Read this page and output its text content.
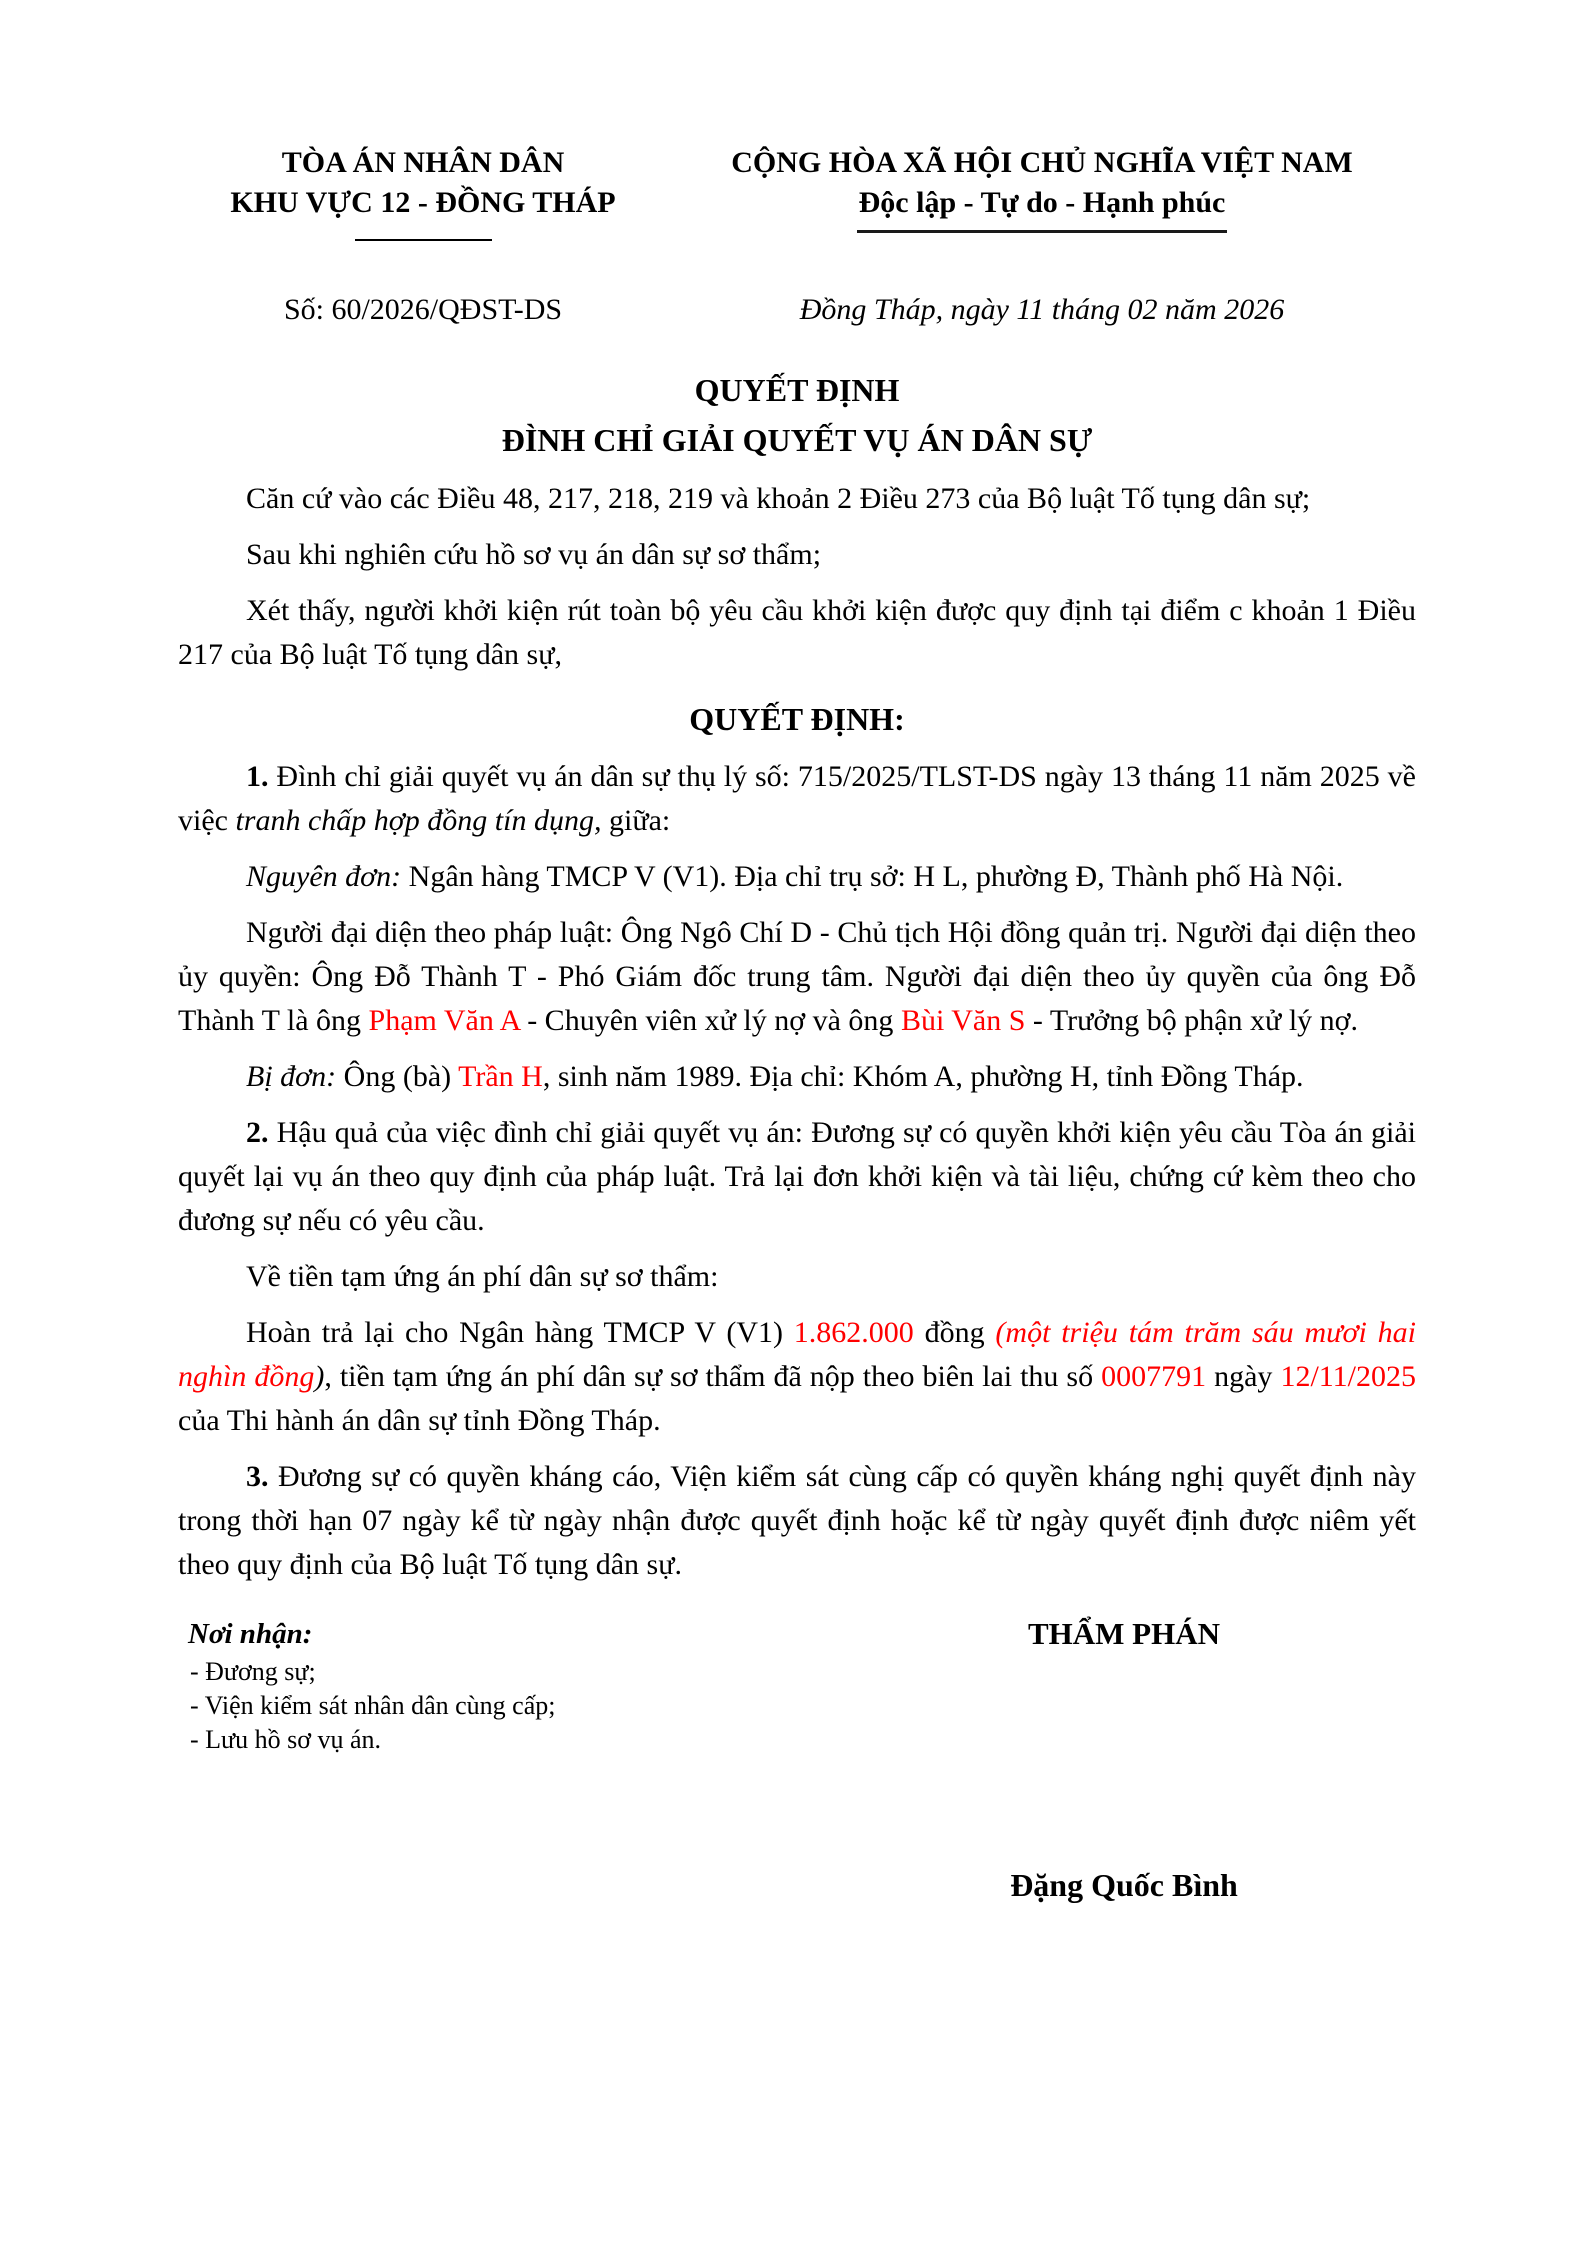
TÒA ÁN NHÂN DÂN
KHU VỰC 12 - ĐỒNG THÁP
CỘNG HÒA XÃ HỘI CHỦ NGHĨA VIỆT NAM
Độc lập - Tự do - Hạnh phúc
Số: 60/2026/QĐST-DS	Đồng Tháp, ngày 11 tháng 02 năm 2026
QUYẾT ĐỊNH
ĐÌNH CHỈ GIẢI QUYẾT VỤ ÁN DÂN SỰ

Căn cứ vào các Điều 48, 217, 218, 219 và khoản 2 Điều 273 của Bộ luật Tố tụng dân sự;

Sau khi nghiên cứu hồ sơ vụ án dân sự sơ thẩm;

Xét thấy, người khởi kiện rút toàn bộ yêu cầu khởi kiện được quy định tại điểm c khoản 1 Điều 217 của Bộ luật Tố tụng dân sự,

QUYẾT ĐỊNH:

1. Đình chỉ giải quyết vụ án dân sự thụ lý số: 715/2025/TLST-DS ngày 13 tháng 11 năm 2025 về việc tranh chấp hợp đồng tín dụng, giữa:

Nguyên đơn: Ngân hàng TMCP V (V1). Địa chỉ trụ sở: H L, phường Đ, Thành phố Hà Nội.

Người đại diện theo pháp luật: Ông Ngô Chí D - Chủ tịch Hội đồng quản trị. Người đại diện theo ủy quyền: Ông Đỗ Thành T - Phó Giám đốc trung tâm. Người đại diện theo ủy quyền của ông Đỗ Thành T là ông Phạm Văn A - Chuyên viên xử lý nợ và ông Bùi Văn S - Trưởng bộ phận xử lý nợ.

Bị đơn: Ông (bà) Trần H, sinh năm 1989. Địa chỉ: Khóm A, phường H, tỉnh Đồng Tháp.

2. Hậu quả của việc đình chỉ giải quyết vụ án: Đương sự có quyền khởi kiện yêu cầu Tòa án giải quyết lại vụ án theo quy định của pháp luật. Trả lại đơn khởi kiện và tài liệu, chứng cứ kèm theo cho đương sự nếu có yêu cầu.

Về tiền tạm ứng án phí dân sự sơ thẩm:

Hoàn trả lại cho Ngân hàng TMCP V (V1) 1.862.000 đồng (một triệu tám trăm sáu mươi hai nghìn đồng), tiền tạm ứng án phí dân sự sơ thẩm đã nộp theo biên lai thu số 0007791 ngày 12/11/2025 của Thi hành án dân sự tỉnh Đồng Tháp.

3. Đương sự có quyền kháng cáo, Viện kiểm sát cùng cấp có quyền kháng nghị quyết định này trong thời hạn 07 ngày kể từ ngày nhận được quyết định hoặc kể từ ngày quyết định được niêm yết theo quy định của Bộ luật Tố tụng dân sự.

Nơi nhận:
- Đương sự;
- Viện kiểm sát nhân dân cùng cấp;
- Lưu hồ sơ vụ án.
THẨM PHÁN
Đặng Quốc Bình
